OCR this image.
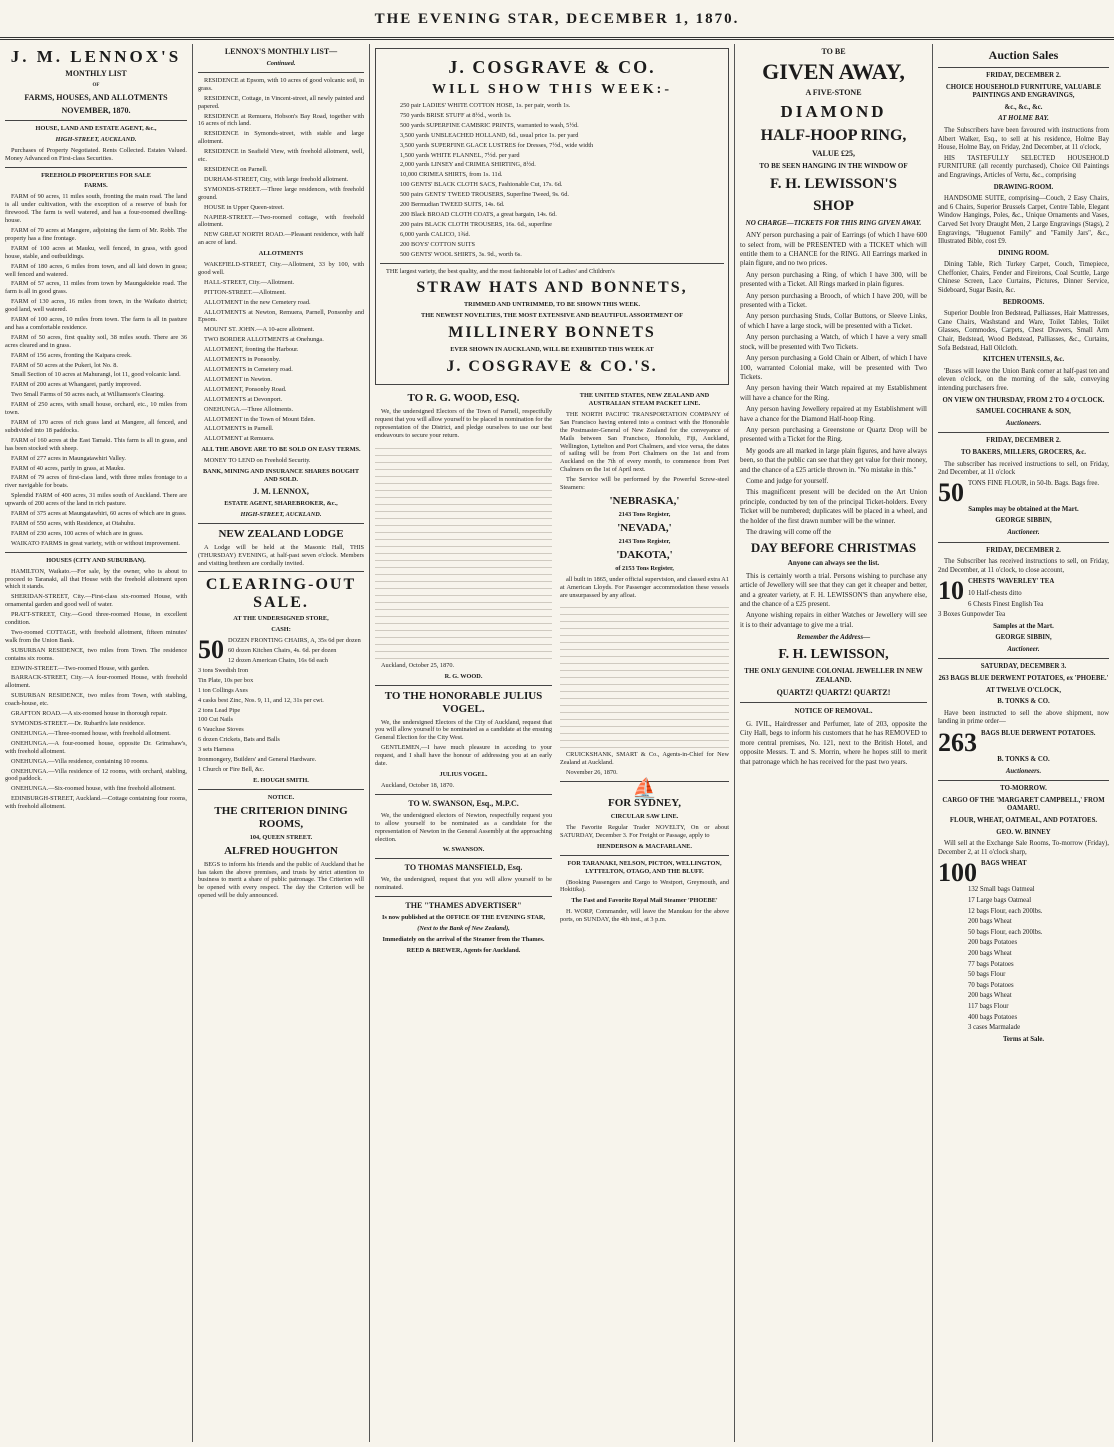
THE EVENING STAR, DECEMBER 1, 1870.
J. M. LENNOX'S
MONTHLY LIST
OF
FARMS, HOUSES, AND ALLOTMENTS
NOVEMBER, 1870.
HOUSE, LAND AND ESTATE AGENT, &c.,
HIGH-STREET, AUCKLAND.
Purchases of Property Negotiated. Rents Collected. Estates Valued. Money Advanced on First-class Securities.
FREEHOLD PROPERTIES FOR SALE
FARMS.
FARM of 90 acres, 11 miles south, fronting the main road. The land is all under cultivation, with the exception of a reserve of bush for firewood. The farm is well watered, and has a four-roomed dwelling-house.
FARM of 70 acres at Mangere, adjoining the farm of Mr. Robb. The property has a fine frontage.
FARM of 100 acres at Mauku, well fenced, in grass, with good house, stable, and outbuildings.
FARM of 180 acres, 6 miles from town, and all laid down in grass; well fenced and watered.
FARM of 57 acres, 11 miles from town by Maungakiekie road. The farm is all in good grass.
FARM of 130 acres, 16 miles from town, in the Waikato district; good land, well watered.
FARM of 100 acres, 10 miles from town. The farm is all in pasture and has a comfortable residence.
FARM of 50 acres, first quality soil, 38 miles south. There are 36 acres cleared and in grass.
FARM of 156 acres, fronting the Kaipara creek.
FARM of 50 acres at the Pukeri, lot No. 8.
Small Section of 10 acres at Mahurangi, lot 11, good volcanic land.
FARM of 200 acres at Whangarei, partly improved.
Two Small Farms of 50 acres each, at Williamson's Clearing.
FARM of 250 acres, with small house, orchard, etc., 10 miles from town.
FARM of 170 acres of rich grass land at Mangere, all fenced, and subdivided into 18 paddocks.
FARM of 160 acres at the East Tamaki. This farm is all in grass, and has been stocked with sheep.
FARM of 277 acres in Maungatawhiri Valley.
FARM of 40 acres, partly in grass, at Mauku.
FARM of 79 acres of first-class land, with three miles frontage to a river navigable for boats.
Splendid FARM of 400 acres, 31 miles south of Auckland. There are upwards of 200 acres of the land in rich pasture.
FARM of 375 acres at Maungatawhiri, 60 acres of which are in grass.
FARM of 550 acres, with Residence, at Otahuhu.
FARM of 230 acres, 100 acres of which are in grass.
WAIKATO FARMS in great variety, with or without improvement.
HOUSES (CITY AND SUBURBAN).
HAMILTON, Waikato.—For sale, by the owner, who is about to proceed to Taranaki, all that House with the freehold allotment upon which it stands.
SHERIDAN-STREET, City.—First-class six-roomed House, with ornamental garden and good well of water.
PRATT-STREET, City.—Good three-roomed House, in excellent condition.
Two-roomed COTTAGE, with freehold allotment, fifteen minutes' walk from the Union Bank.
SUBURBAN RESIDENCE, two miles from Town. The residence contains six rooms.
EDWIN-STREET.—Two-roomed House, with garden.
BARRACK-STREET, City.—A four-roomed House, with freehold allotment.
SUBURBAN RESIDENCE, two miles from Town, with stabling, coach-house, etc.
GRAFTON ROAD.—A six-roomed house in thorough repair.
SYMONDS-STREET.—Dr. Rubarth's late residence.
ONEHUNGA.—Three-roomed house, with freehold allotment.
ONEHUNGA.—A four-roomed house, opposite Dr. Grimshaw's, with freehold allotment.
ONEHUNGA.—Villa residence, containing 10 rooms.
ONEHUNGA.—Villa residence of 12 rooms, with orchard, stabling, good paddock.
ONEHUNGA.—Six-roomed house, with fine freehold allotment.
EDINBURGH-STREET, Auckland.—Cottage containing four rooms, with freehold allotment.
LENNOX'S MONTHLY LIST—
Continued.
RESIDENCE at Epsom, with 10 acres of good volcanic soil, in grass.
RESIDENCE, Cottage, in Vincent-street, all newly painted and papered.
RESIDENCE at Remuera, Hobson's Bay Road, together with 16 acres of rich land.
RESIDENCE in Symonds-street, with stable and large allotment.
RESIDENCE in Seafield View, with freehold allotment, well, etc.
RESIDENCE on Parnell.
DURHAM-STREET, City, with large freehold allotment.
SYMONDS-STREET.—Three large residences, with freehold ground.
HOUSE in Upper Queen-street.
NAPIER-STREET.—Two-roomed cottage, with freehold allotment.
NEW GREAT NORTH ROAD.—Pleasant residence, with half an acre of land.
ALLOTMENTS
WAKEFIELD-STREET, City.—Allotment, 33 by 100, with good well.
HALL-STREET, City.—Allotment.
PITTON-STREET.—Allotment.
ALLOTMENT in the new Cemetery road.
ALLOTMENTS at Newton, Remuera, Parnell, Ponsonby and Epsom.
MOUNT ST. JOHN.—A 10-acre allotment.
TWO BORDER ALLOTMENTS at Onehunga.
ALLOTMENT, fronting the Harbour.
ALLOTMENTS in Ponsonby.
ALLOTMENTS in Cemetery road.
ALLOTMENT in Newton.
ALLOTMENT, Ponsonby Road.
ALLOTMENTS at Devonport.
ONEHUNGA.—Three Allotments.
ALLOTMENT in the Town of Mount Eden.
ALLOTMENTS in Parnell.
ALLOTMENT at Remuera.
ALL THE ABOVE ARE TO BE SOLD ON EASY TERMS.
MONEY TO LEND on Freehold Security.
BANK, MINING AND INSURANCE SHARES BOUGHT AND SOLD.
J. M. LENNOX,
ESTATE AGENT, SHAREBROKER, &c.,
HIGH-STREET, AUCKLAND.
NEW ZEALAND LODGE
A Lodge will be held at the Masonic Hall, THIS (THURSDAY) EVENING, at half-past seven o'clock. Members and visiting brethren are cordially invited.
CLEARING-OUT SALE.
AT THE UNDERSIGNED STORE,
CASH:
50 DOZEN FRONTING CHAIRS, A, 35s 6d per dozen
60 dozen Kitchen Chairs, 4s. 6d. per dozen
12 dozen American Chairs, 16s 6d each
3 tons Swedish Iron
Tin Plate, 10s per box
1 ton Collings Axes
4 casks best Zinc, Nos. 9, 11, and 12, 31s per cwt.
2 tons Lead Pipe
100 Cut Nails
6 Vaucluse Stoves
6 dozen Crickets, Bats and Balls
3 sets Harness
Ironmongery, Builders' and General Hardware.
1 Church or Fire Bell, &c.
E. HOUGH SMITH.
NOTICE.
THE CRITERION DINING ROOMS,
104, QUEEN STREET.
ALFRED HOUGHTON
BEGS to inform his friends and the public of Auckland that he has taken the above premises, and trusts by strict attention to business to merit a share of public patronage. The Criterion will be opened with every respect. The day the Criterion will be opened will be duly announced.
J. COSGRAVE & CO.
WILL SHOW THIS WEEK:-
250 pair LADIES' WHITE COTTON HOSE, 1s. per pair, worth 1s.
750 yards BRISE STUFF at 8½d., worth 1s.
500 yards SUPERFINE CAMBRIC PRINTS, warranted to wash, 5½d.
3,500 yards UNBLEACHED HOLLAND, 6d., usual price 1s. per yard
3,500 yards SUPERFINE GLACE LUSTRES for Dresses, 7½d., wide width
1,500 yards WHITE FLANNEL, 7½d. per yard
2,000 yards LINSEY and CRIMEA SHIRTING, 8½d.
10,000 CRIMEA SHIRTS, from 1s. 11d.
100 GENTS' BLACK CLOTH SACS, Fashionable Cut, 17s. 6d.
500 pairs GENTS' TWEED TROUSERS, Superfine Tweed, 9s. 6d.
200 Bermudian TWEED SUITS, 14s. 6d.
200 Black BROAD CLOTH COATS, a great bargain, 14s. 6d.
200 pairs BLACK CLOTH TROUSERS, 16s. 6d., superfine
6,000 yards CALICO, 1¾d.
200 BOYS' COTTON SUITS
500 GENTS' WOOL SHIRTS, 3s. 9d., worth 6s.
THE largest variety, the best quality, and the most fashionable lot of Ladies' and Children's
STRAW HATS AND BONNETS,
TRIMMED AND UNTRIMMED, TO BE SHOWN THIS WEEK.
THE NEWEST NOVELTIES, THE MOST EXTENSIVE AND BEAUTIFUL ASSORTMENT OF
MILLINERY BONNETS
EVER SHOWN IN AUCKLAND, WILL BE EXHIBITED THIS WEEK AT
J. COSGRAVE & CO.'S.
TO R. G. WOOD, ESQ.
We, the undersigned Electors of the Town of Parnell, respectfully request that you will allow yourself to be placed in nomination for the representation of the District, and pledge ourselves to use our best endeavours to secure your return.
Auckland, October 25, 1870.
R. G. WOOD.
TO THE HONORABLE JULIUS VOGEL.
We, the undersigned Electors of the City of Auckland, request that you will allow yourself to be nominated as a candidate at the ensuing General Election for the City West.
GENTLEMEN,—I have much pleasure in acceding to your request, and I shall have the honour of addressing you at an early date.
JULIUS VOGEL.
Auckland, October 18, 1870.
TO W. SWANSON, Esq., M.P.C.
We, the undersigned electors of Newton, respectfully request you to allow yourself to be nominated as a candidate for the representation of Newton in the General Assembly at the approaching election.
W. SWANSON.
TO THOMAS MANSFIELD, Esq.
We, the undersigned, request that you will allow yourself to be nominated.
THE "THAMES ADVERTISER"
Is now published at the OFFICE OF THE EVENING STAR,
(Next to the Bank of New Zealand),
Immediately on the arrival of the Steamer from the Thames.
REED & BREWER, Agents for Auckland.
THE UNITED STATES, NEW ZEALAND AND AUSTRALIAN STEAM PACKET LINE.
THE NORTH PACIFIC TRANSPORTATION COMPANY of San Francisco having entered into a contract with the Honorable the Postmaster-General of New Zealand for the conveyance of Mails between San Francisco, Honolulu, Fiji, Auckland, Wellington, Lyttelton and Port Chalmers, and vice versa, the dates of sailing will be from Port Chalmers on the 1st and from Auckland on the 7th of every month, to commence from Port Chalmers on the 1st of April next.
The Service will be performed by the Powerful Screw-steel Steamers:
'NEBRASKA,'
2143 Tons Register,
'NEVADA,'
2143 Tons Register,
'DAKOTA,'
of 2153 Tons Register,
all built in 1865, under official supervision, and classed extra A1 at American Lloyds. For Passenger accommodation these vessels are unsurpassed by any afloat.
CRUICKSHANK, SMART & Co., Agents-in-Chief for New Zealand at Auckland.
November 26, 1870.
⛵
FOR SYDNEY,
CIRCULAR SAW LINE.
The Favorite Regular Trader NOVELTY, On or about SATURDAY, December 3. For Freight or Passage, apply to
HENDERSON & MACFARLANE.
FOR TARANAKI, NELSON, PICTON, WELLINGTON, LYTTELTON, OTAGO, AND THE BLUFF.
(Booking Passengers and Cargo to Westport, Greymouth, and Hokitika).
The Fast and Favorite Royal Mail Steamer 'PHOEBE'
H. WORP, Commander, will leave the Manukau for the above ports, on SUNDAY, the 4th inst., at 3 p.m.
TO BE
GIVEN AWAY,
A FIVE-STONE
DIAMOND
HALF-HOOP RING,
VALUE £25,
TO BE SEEN HANGING IN THE WINDOW OF
F. H. LEWISSON'S
SHOP
NO CHARGE—TICKETS FOR THIS RING GIVEN AWAY.
ANY person purchasing a pair of Earrings (of which I have 600 to select from, will be PRESENTED with a TICKET which will entitle them to a CHANCE for the RING. All Earrings marked in plain figure, and no two prices.
Any person purchasing a Ring, of which I have 300, will be presented with a Ticket. All Rings marked in plain figures.
Any person purchasing a Brooch, of which I have 200, will be presented with a Ticket.
Any person purchasing Studs, Collar Buttons, or Sleeve Links, of which I have a large stock, will be presented with a Ticket.
Any person purchasing a Watch, of which I have a very small stock, will be presented with Two Tickets.
Any person purchasing a Gold Chain or Albert, of which I have 100, warranted Colonial make, will be presented with Two Tickets.
Any person having their Watch repaired at my Establishment will have a chance for the Ring.
Any person having Jewellery repaired at my Establishment will have a chance for the Diamond Half-hoop Ring.
Any person purchasing a Greenstone or Quartz Drop will be presented with a Ticket for the Ring.
My goods are all marked in large plain figures, and have always been, so that the public can see that they get value for their money, and the chance of a £25 article thrown in. "No mistake in this."
Come and judge for yourself.
This magnificent present will be decided on the Art Union principle, conducted by ten of the principal Ticket-holders. Every Ticket will be numbered; duplicates will be placed in a wheel, and the holder of the first drawn number will be the winner.
The drawing will come off the
DAY BEFORE CHRISTMAS
Anyone can always see the list.
This is certainly worth a trial. Persons wishing to purchase any article of Jewellery will see that they can get it cheaper and better, and a greater variety, at F. H. LEWISSON'S than anywhere else, and the chance of a £25 present.
Anyone wishing repairs in either Watches or Jewellery will see it is to their advantage to give me a trial.
Remember the Address—
F. H. LEWISSON,
THE ONLY GENUINE COLONIAL JEWELLER IN NEW ZEALAND.
QUARTZ! QUARTZ! QUARTZ!
NOTICE OF REMOVAL.
G. IVIL, Hairdresser and Perfumer, late of 203, opposite the City Hall, begs to inform his customers that he has REMOVED to more central premises, No. 121, next to the British Hotel, and opposite Messrs. T. and S. Morrin, where he hopes still to merit that patronage which he has received for the past two years.
Auction Sales
FRIDAY, DECEMBER 2.
CHOICE HOUSEHOLD FURNITURE, VALUABLE PAINTINGS AND ENGRAVINGS,
&c., &c., &c.
AT HOLME BAY.
The Subscribers have been favoured with instructions from Albert Walker, Esq., to sell at his residence, Holme Bay House, Holme Bay, on Friday, 2nd December, at 11 o'clock,
HIS TASTEFULLY SELECTED HOUSEHOLD FURNITURE (all recently purchased), Choice Oil Paintings and Engravings, Articles of Vertu, &c., comprising
DRAWING-ROOM.
HANDSOME SUITE, comprising—Couch, 2 Easy Chairs, and 6 Chairs, Superior Brussels Carpet, Centre Table, Elegant Window Hangings, Poles, &c., Unique Ornaments and Vases, Carved Set Ivory Draught Men, 2 Large Engravings (Stags), 2 Engravings, "Huguenot Family" and "Family Jars", &c., Illustrated Bible, cost £9.
DINING ROOM.
Dining Table, Rich Turkey Carpet, Couch, Timepiece, Cheffonier, Chairs, Fender and Fireirons, Coal Scuttle, Large Chinese Screen, Lace Curtains, Pictures, Dinner Service, Sideboard, Sugar Basin, &c.
BEDROOMS.
Superior Double Iron Bedstead, Palliasses, Hair Mattresses, Cane Chairs, Washstand and Ware, Toilet Tables, Toilet Glasses, Commodes, Carpets, Chest Drawers, Small Arm Chair, Bedstead, Wood Bedstead, Palliasses, &c., Curtains, Sofa Bedstead, Hall Oilcloth.
KITCHEN UTENSILS, &c.
'Buses will leave the Union Bank corner at half-past ten and eleven o'clock, on the morning of the sale, conveying intending purchasers free.
ON VIEW ON THURSDAY, FROM 2 TO 4 O'CLOCK.
SAMUEL COCHRANE & SON,
Auctioneers.
FRIDAY, DECEMBER 2.
TO BAKERS, MILLERS, GROCERS, &c.
The subscriber has received instructions to sell, on Friday, 2nd December, at 11 o'clock
50 TONS FINE FLOUR, in 50-lb. Bags. Bags free.
Samples may be obtained at the Mart.
GEORGE SIBBIN,
Auctioneer.
FRIDAY, DECEMBER 2.
The Subscriber has received instructions to sell, on Friday, 2nd December, at 11 o'clock, to close account,
10 CHESTS 'WAVERLEY' TEA
10 Half-chests ditto
6 Chests Finest English Tea
3 Boxes Gunpowder Tea
Samples at the Mart.
GEORGE SIBBIN,
Auctioneer.
SATURDAY, DECEMBER 3.
263 BAGS BLUE DERWENT POTATOES, ex 'PHOEBE.'
AT TWELVE O'CLOCK,
B. TONKS & CO.
Have been instructed to sell the above shipment, now landing in prime order—
263 BAGS BLUE DERWENT POTATOES.
B. TONKS & CO.
Auctioneers.
TO-MORROW.
CARGO OF THE 'MARGARET CAMPBELL,' FROM OAMARU.
FLOUR, WHEAT, OATMEAL, AND POTATOES.
GEO. W. BINNEY
Will sell at the Exchange Sale Rooms, To-morrow (Friday), December 2, at 11 o'clock sharp,
100 BAGS WHEAT
132 Small bags Oatmeal
17 Large bags Oatmeal
12 bags Flour, each 200lbs.
200 bags Wheat
50 bags Flour, each 200lbs.
200 bags Potatoes
200 bags Wheat
77 bags Potatoes
50 bags Flour
70 bags Potatoes
200 bags Wheat
117 bags Flour
400 bags Potatoes
3 cases Marmalade
Terms at Sale.
